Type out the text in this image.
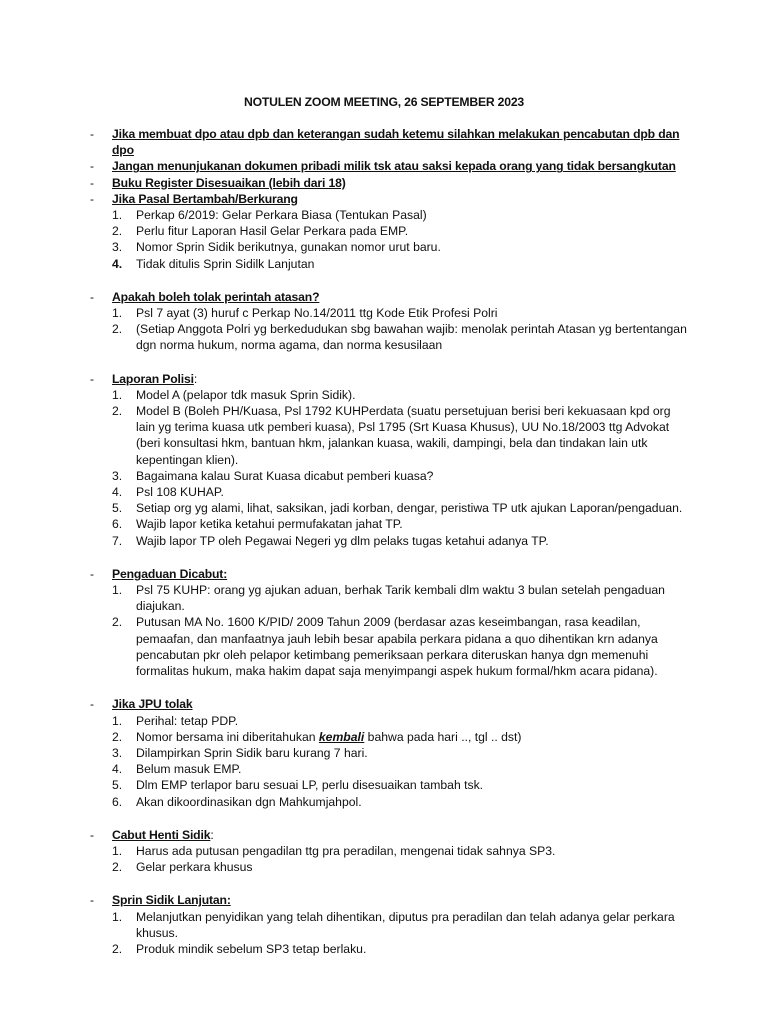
NOTULEN ZOOM MEETING, 26 SEPTEMBER 2023
- Jika membuat dpo atau dpb dan keterangan sudah ketemu silahkan melakukan pencabutan dpb dan dpo
- Jangan menunjukanan dokumen pribadi milik tsk atau saksi kepada orang yang tidak bersangkutan
- Buku Register Disesuaikan (lebih dari 18)
- Jika Pasal Bertambah/Berkurang
1. Perkap 6/2019: Gelar Perkara Biasa (Tentukan Pasal)
2. Perlu fitur Laporan Hasil Gelar Perkara pada EMP.
3. Nomor Sprin Sidik berikutnya, gunakan nomor urut baru.
4. Tidak ditulis Sprin Sidilk Lanjutan
- Apakah boleh tolak perintah atasan?
1. Psl 7 ayat (3) huruf c Perkap No.14/2011 ttg Kode Etik Profesi Polri
2. (Setiap Anggota Polri yg berkedudukan sbg bawahan wajib: menolak perintah Atasan yg bertentangan dgn norma hukum, norma agama, dan norma kesusilaan
- Laporan Polisi:
1. Model A (pelapor tdk masuk Sprin Sidik).
2. Model B (Boleh PH/Kuasa, Psl 1792 KUHPerdata (suatu persetujuan berisi beri kekuasaan kpd org lain yg terima kuasa utk pemberi kuasa), Psl 1795 (Srt Kuasa Khusus), UU No.18/2003 ttg Advokat (beri konsultasi hkm, bantuan hkm, jalankan kuasa, wakili, dampingi, bela dan tindakan lain utk kepentingan klien).
3. Bagaimana kalau Surat Kuasa dicabut pemberi kuasa?
4. Psl 108 KUHAP.
5. Setiap org yg alami, lihat, saksikan, jadi korban, dengar, peristiwa TP utk ajukan Laporan/pengaduan.
6. Wajib lapor ketika ketahui permufakatan jahat TP.
7. Wajib lapor TP oleh Pegawai Negeri yg dlm pelaks tugas ketahui adanya TP.
- Pengaduan Dicabut:
1. Psl 75 KUHP: orang yg ajukan aduan, berhak Tarik kembali dlm waktu 3 bulan setelah pengaduan diajukan.
2. Putusan MA No. 1600 K/PID/ 2009 Tahun 2009 (berdasar azas keseimbangan, rasa keadilan, pemaafan, dan manfaatnya jauh lebih besar apabila perkara pidana a quo dihentikan krn adanya pencabutan pkr oleh pelapor ketimbang pemeriksaan perkara diteruskan hanya dgn memenuhi formalitas hukum, maka hakim dapat saja menyimpangi aspek hukum formal/hkm acara pidana).
- Jika JPU tolak
1. Perihal: tetap PDP.
2. Nomor bersama ini diberitahukan kembali bahwa pada hari .., tgl .. dst)
3. Dilampirkan Sprin Sidik baru kurang 7 hari.
4. Belum masuk EMP.
5. Dlm EMP terlapor baru sesuai LP, perlu disesuaikan tambah tsk.
6. Akan dikoordinasikan dgn Mahkumjahpol.
- Cabut Henti Sidik:
1. Harus ada putusan pengadilan ttg pra peradilan, mengenai tidak sahnya SP3.
2. Gelar perkara khusus
- Sprin Sidik Lanjutan:
1. Melanjutkan penyidikan yang telah dihentikan, diputus pra peradilan dan telah adanya gelar perkara khusus.
2. Produk mindik sebelum SP3 tetap berlaku.
